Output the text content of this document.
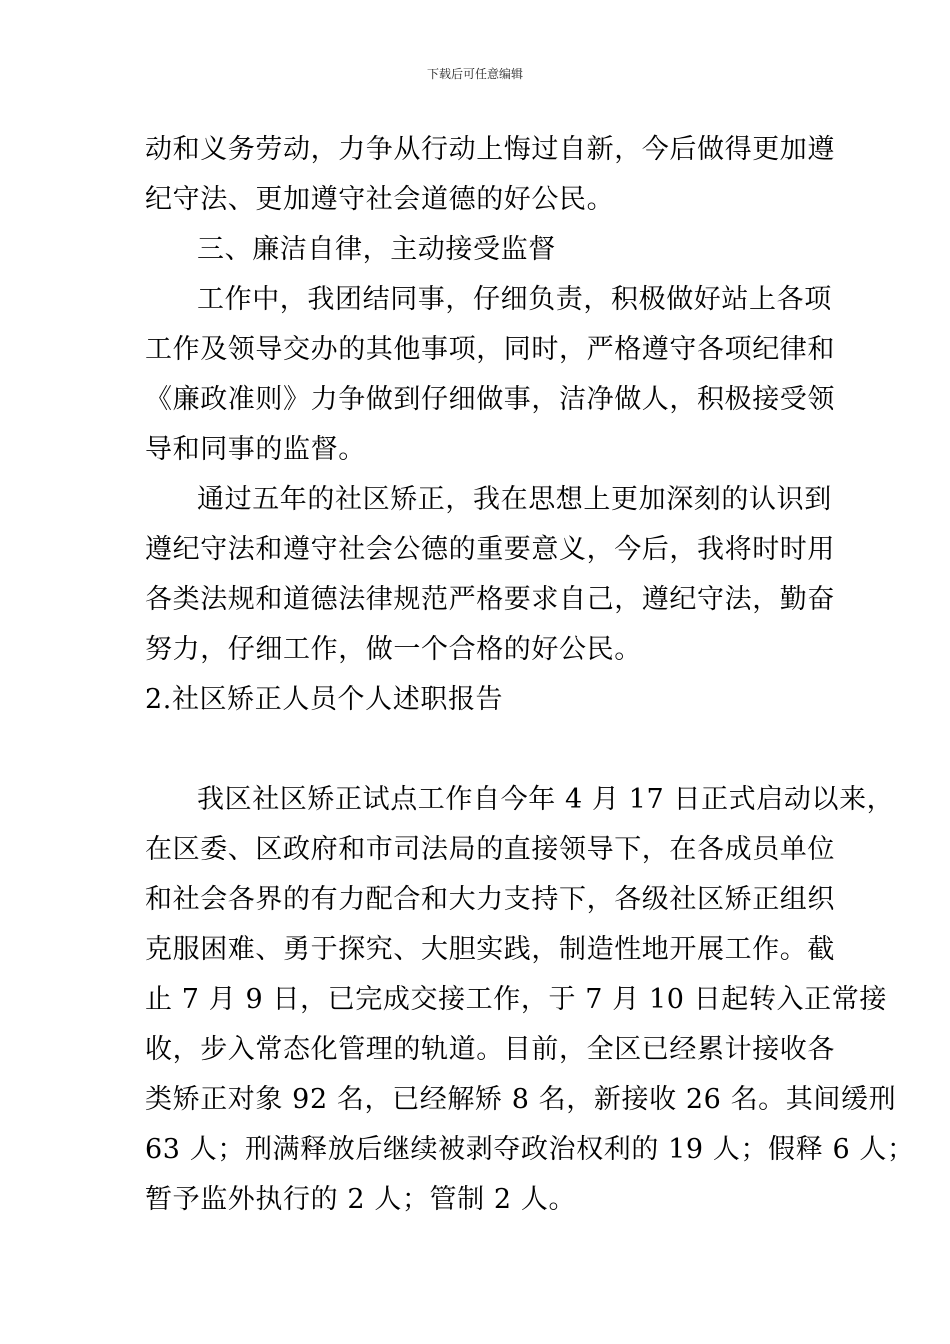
下载后可任意编辑
动和义务劳动，力争从行动上悔过自新，今后做得更加遵
纪守法、更加遵守社会道德的好公民。
三、廉洁自律，主动接受监督
工作中，我团结同事，仔细负责，积极做好站上各项
工作及领导交办的其他事项，同时，严格遵守各项纪律和
《廉政准则》力争做到仔细做事，洁净做人，积极接受领
导和同事的监督。
通过五年的社区矫正，我在思想上更加深刻的认识到
遵纪守法和遵守社会公德的重要意义，今后，我将时时用
各类法规和道德法律规范严格要求自己，遵纪守法，勤奋
努力，仔细工作，做一个合格的好公民。
2.社区矫正人员个人述职报告
我区社区矫正试点工作自今年 4 月 17 日正式启动以来，
在区委、区政府和市司法局的直接领导下，在各成员单位
和社会各界的有力配合和大力支持下，各级社区矫正组织
克服困难、勇于探究、大胆实践，制造性地开展工作。截
止 7 月 9 日，已完成交接工作，于 7 月 10 日起转入正常接
收，步入常态化管理的轨道。目前，全区已经累计接收各
类矫正对象 92 名，已经解矫 8 名，新接收 26 名。其间缓刑
63 人；刑满释放后继续被剥夺政治权利的 19 人；假释 6 人；
暂予监外执行的 2 人；管制 2 人。
